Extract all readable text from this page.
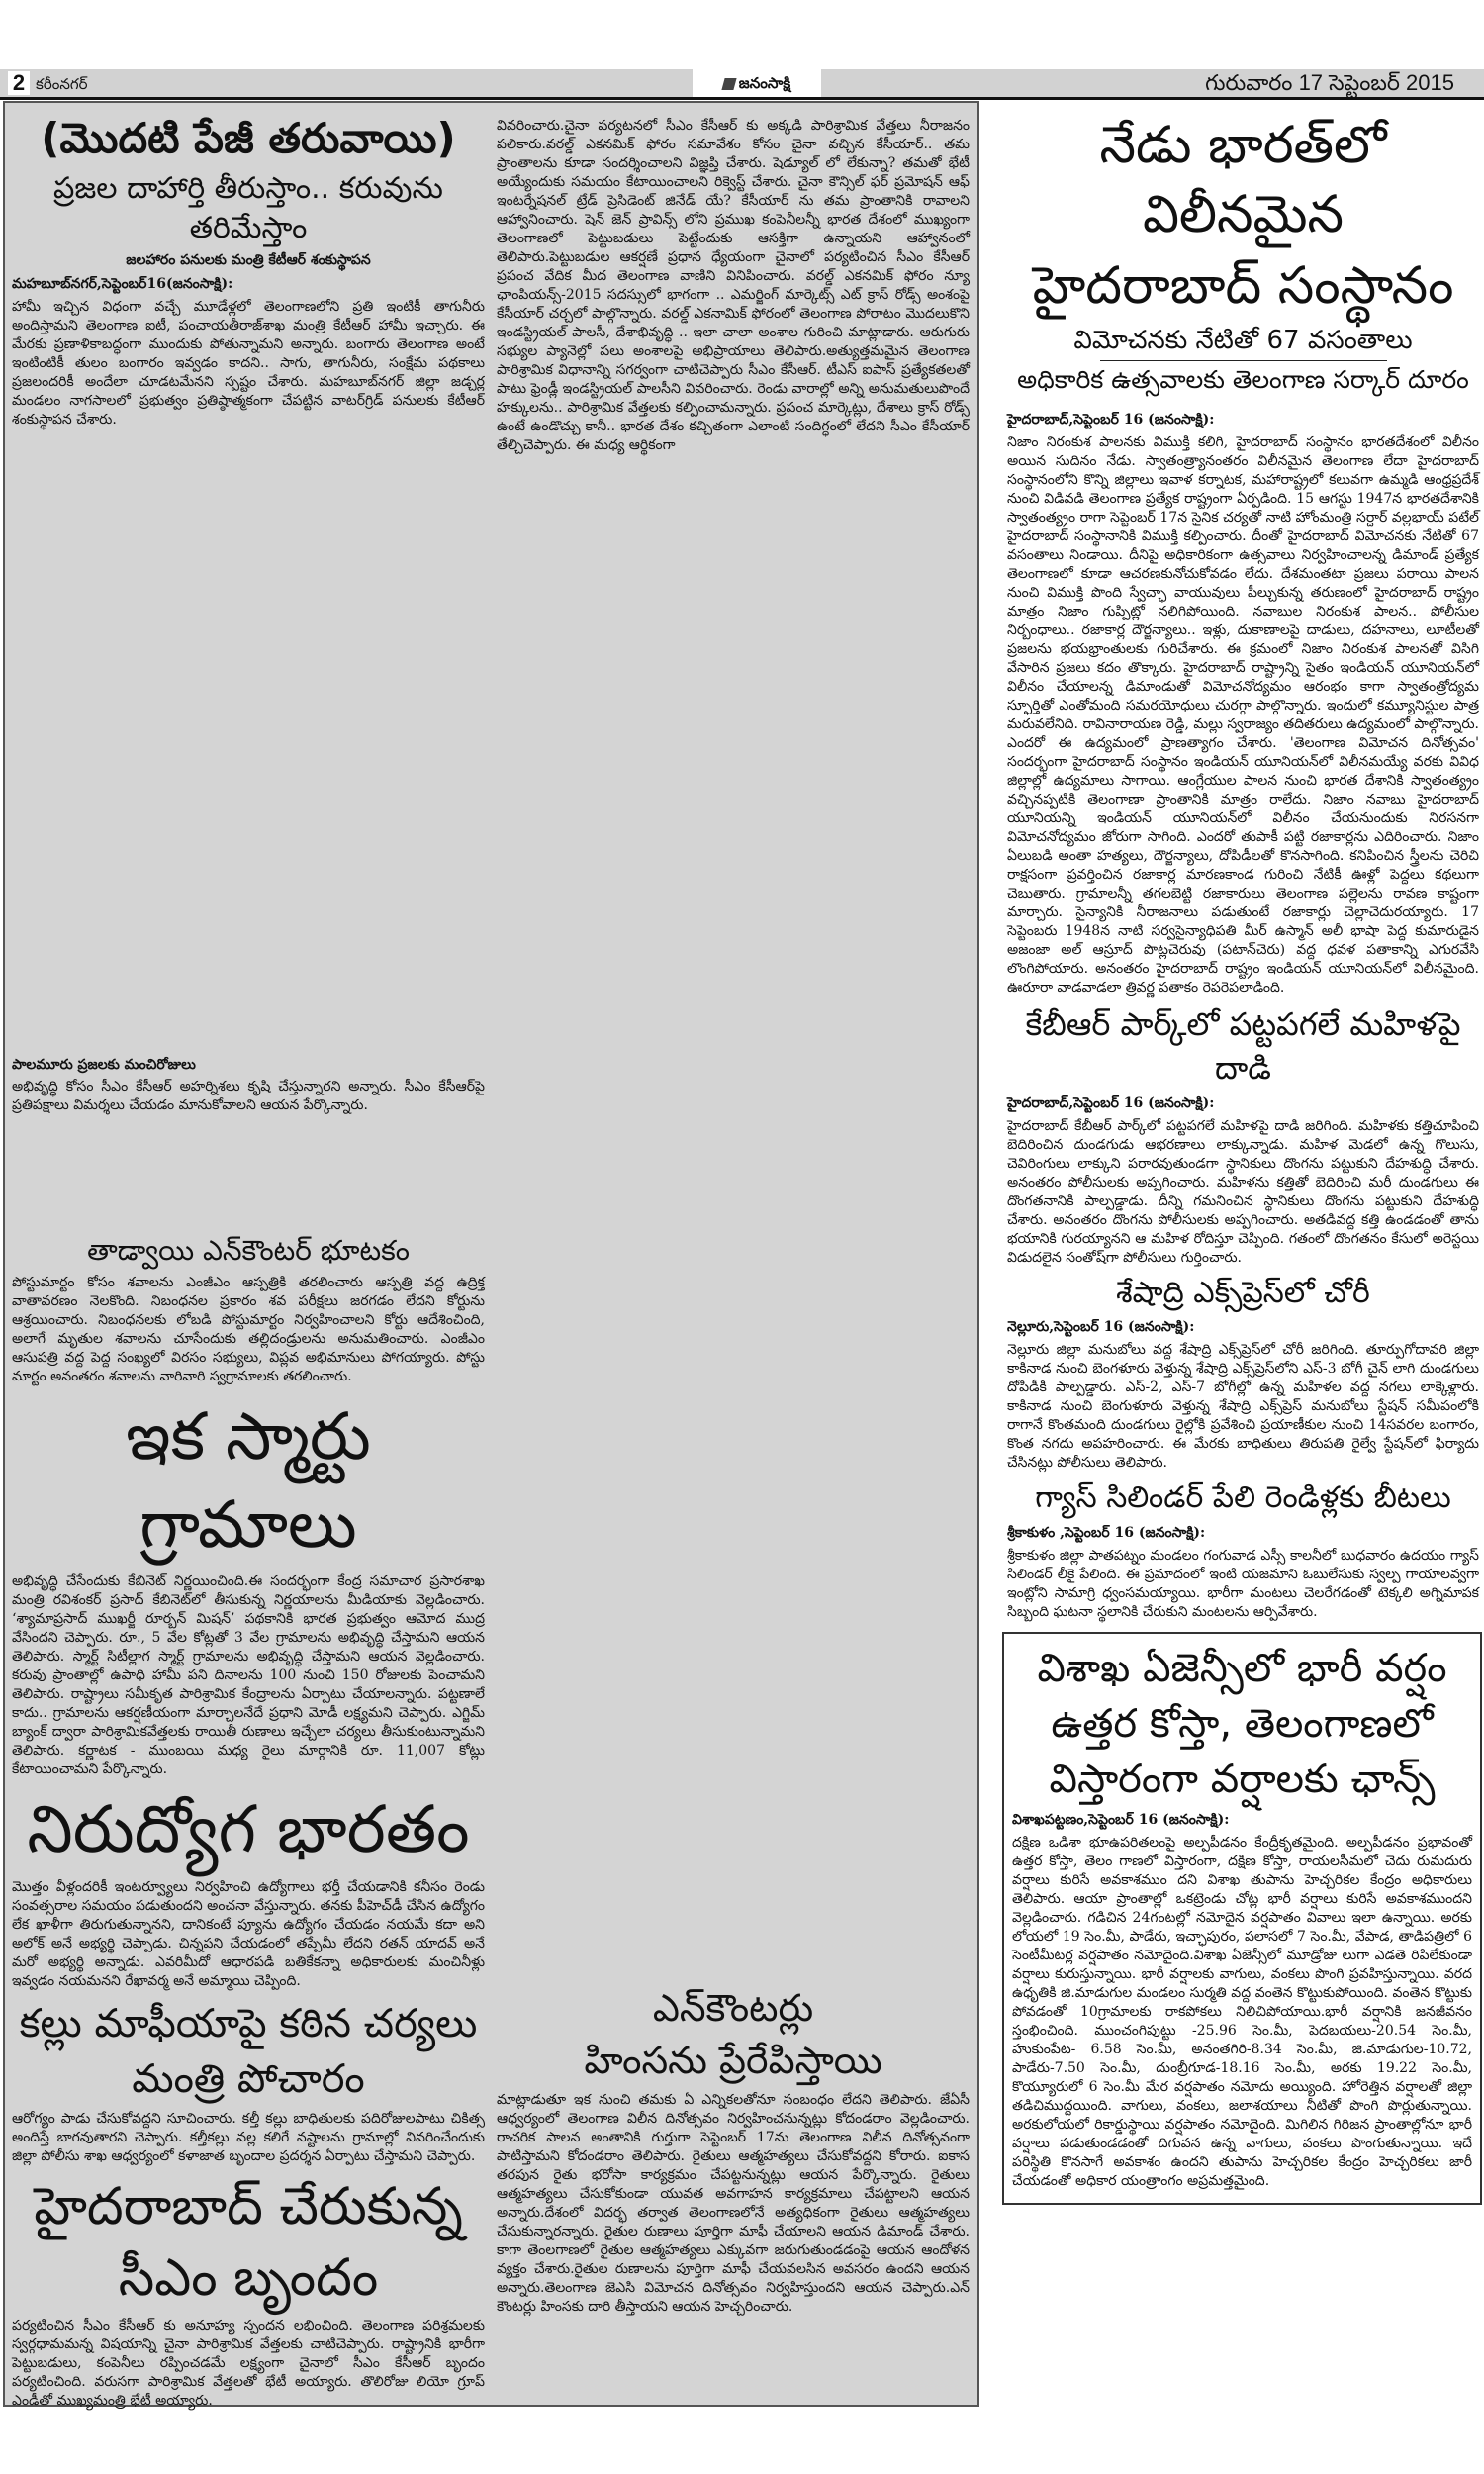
2 కరీంనగర్	జనంసాక్షి	గురువారం 17 సెప్టెంబర్ 2015
(మొదటి పేజీ తరువాయి)
ప్రజల దాహార్తి తీరుస్తాం.. కరువును తరిమేస్తాం
జలహారం పనులకు మంత్రి కేటీఆర్ శంకుస్థాపన
మహబూబ్‌నగర్,సెప్టెంబర్16(జనంసాక్షి):

హామీ ఇచ్చిన విధంగా వచ్చే మూడేళ్లలో తెలంగాణలోని ప్రతి ఇంటికీ తాగునీరు అందిస్తామని తెలంగాణ ఐటీ, పంచాయతీరాజ్‌శాఖ మంత్రి కేటీఆర్ హామీ ఇచ్చారు. ఈ మేరకు ప్రణాళికాబద్ధంగా ముందుకు పోతున్నామని అన్నారు. బంగారు తెలంగాణ అంటే ఇంటింటికీ తులం బంగారం ఇవ్వడం కాదని.. సాగు, తాగునీరు, సంక్షేమ పథకాలు ప్రజలందరికీ అందేలా చూడటమేనని స్పష్టం చేశారు. మహబూబ్‌నగర్ జిల్లా జడ్చర్ల మండలం నాగసాలలో ప్రభుత్వం ప్రతిష్ఠాత్మకంగా చేపట్టిన వాటర్‌గ్రిడ్ పనులకు కేటీఆర్ శంకుస్థాపన చేశారు.

పాలమూరు ప్రజలకు మంచిరోజులు

అభివృద్ధి కోసం సీఎం కేసీఆర్ అహర్నిశలు కృషి చేస్తున్నారని అన్నారు. సీఎం కేసీఆర్‌పై ప్రతిపక్షాలు విమర్శలు చేయడం మానుకోవాలని ఆయన పేర్కొన్నారు.

తాడ్వాయి ఎన్‌కౌంటర్ భూటకం
పోస్టుమార్టం కోసం శవాలను ఎంజీఎం ఆస్పత్రికి తరలించారు ఆస్పత్రి వద్ద ఉద్రిక్త వాతావరణం నెలకొంది. నిబంధనల ప్రకారం శవ పరీక్షలు జరగడం లేదని కోర్టును ఆశ్రయించారు. నిబంధనలకు లోబడి పోస్టుమార్టం నిర్వహించాలని కోర్టు ఆదేశించింది, అలాగే మృతుల శవాలను చూసేందుకు తల్లిదండ్రులను అనుమతించారు. ఎంజీఎం ఆసుపత్రి వద్ద పెద్ద సంఖ్యలో విరసం సభ్యులు, విప్లవ అభిమానులు పోగయ్యారు. పోస్టు మార్టం అనంతరం శవాలను వారివారి స్వగ్రామాలకు తరలించారు.
ఇక స్మార్టు గ్రామాలు
అభివృద్ధి చేసేందుకు కేబినెట్ నిర్ణయించింది.ఈ సందర్భంగా కేంద్ర సమాచార ప్రసారశాఖ మంత్రి రవిశంకర్ ప్రసాద్ కేబినెట్‌లో తీసుకున్న నిర్ణయాలను మీడియాకు వెల్లడించారు. ‘శ్యామాప్రసాద్ ముఖర్జీ రూర్బన్ మిషన్’ పథకానికి భారత ప్రభుత్వం ఆమోద ముద్ర వేసిందని చెప్పారు. రూ., 5 వేల కోట్లతో 3 వేల గ్రామాలను అభివృద్ధి చేస్తామని ఆయన తెలిపారు. స్మార్ట్ సిటీల్లాగ స్మార్ట్ గ్రామాలను అభివృద్ధి చేస్తామని ఆయన వెల్లడించారు. కరువు ప్రాంతాల్లో ఉపాధి హామీ పని దినాలను 100 నుంచి 150 రోజులకు పెంచామని తెలిపారు. రాష్ట్రాలు సమీకృత పారిశ్రామిక కేంద్రాలను ఏర్పాటు చేయాలన్నారు. పట్టణాలే కాదు.. గ్రామాలను ఆకర్షణీయంగా మార్చాలనేదే ప్రధాని మోడీ లక్ష్యమని చెప్పారు. ఎగ్జిమ్ బ్యాంక్ ద్వారా పారిశ్రామికవేత్తలకు రాయితీ రుణాలు ఇచ్చేలా చర్యలు తీసుకుంటున్నామని తెలిపారు. కర్ణాటక - ముంబయి మధ్య రైలు మార్గానికి రూ. 11,007 కోట్లు కేటాయించామని పేర్కొన్నారు.
నిరుద్యోగ భారతం
మొత్తం వీళ్లందరికీ ఇంటర్వ్యూలు నిర్వహించి ఉద్యోగాలు భర్తీ చేయడానికి కనీసం రెండు సంవత్సరాల సమయం పడుతుందని అంచనా వేస్తున్నారు. తనకు పీహెచ్‌డీ చేసిన ఉద్యోగం లేక ఖాళీగా తిరుగుతున్నానని, దానికంటే ప్యూను ఉద్యోగం చేయడం నయమే కదా అని అలోక్ అనే అభ్యర్థి చెప్పాడు. చిన్నపని చేయడంలో తప్పేమీ లేదని రతన్ యాదవ్ అనే మరో అభ్యర్థి అన్నాడు. ఎవరిమీదో ఆధారపడి బతికేకన్నా అధికారులకు మంచినీళ్లు ఇవ్వడం నయమనని రేఖావర్మ అనే అమ్మాయి చెప్పింది.
కల్లు మాఫీయాపై కఠిన చర్యలు
మంత్రి పోచారం
ఆరోగ్యం పాడు చేసుకోవద్దని సూచించారు. కల్తీ కల్లు బాధితులకు పదిరోజులపాటు చికిత్స అందిస్తే బాగవుతారని చెప్పారు. కల్తీకల్లు వల్ల కలిగే నష్టాలను గ్రామాల్లో వివరించేందుకు జిల్లా పోలీసు శాఖ ఆధ్వర్యంలో కళాజాత బృందాల ప్రదర్శన ఏర్పాటు చేస్తామని చెప్పారు.
హైదరాబాద్ చేరుకున్న
సీఎం బృందం
పర్యటించిన సీఎం కేసీఆర్ కు అనూహ్య స్పందన లభించింది. తెలంగాణ పరిశ్రమలకు స్వర్గధామమన్న విషయాన్ని చైనా పారిశ్రామిక వేత్తలకు చాటిచెప్పారు. రాష్ట్రానికి భారీగా పెట్టుబడులు, కంపెనీలు రప్పించడమే లక్ష్యంగా చైనాలో సీఎం కేసీఆర్ బృందం పర్యటించింది. వరుసగా పారిశ్రామిక వేత్తలతో భేటీ అయ్యారు. తొలిరోజు లియో గ్రూప్ ఎండీతో ముఖ్యమంత్రి భేటీ అయ్యారు.
వివరించారు.చైనా పర్యటనలో సీఎం కేసీఆర్ కు అక్కడి పారిశ్రామిక వేత్తలు నీరాజనం పలికారు.వరల్డ్ ఎకనమిక్ ఫోరం సమావేశం కోసం చైనా వచ్చిన కేసీయార్.. తమ ప్రాంతాలను కూడా సందర్శించాలని విజ్ఞప్తి చేశారు. షెడ్యూల్ లో లేకున్నా? తమతో భేటీ అయ్యేందుకు సమయం కేటాయించాలని రిక్వెస్ట్ చేశారు. చైనా కౌన్సిల్ ఫర్ ప్రమోషన్ ఆఫ్ ఇంటర్నేషనల్ ట్రేడ్ ప్రెసిడెంట్ జినేడ్ యే? కేసీయార్ ను తమ ప్రాంతానికి రావాలని ఆహ్వానించారు. షెన్ జెన్ ప్రావిన్స్ లోని ప్రముఖ కంపెనీలన్నీ భారత దేశంలో ముఖ్యంగా తెలంగాణలో పెట్టుబడులు పెట్టేందుకు ఆసక్తిగా ఉన్నాయని ఆహ్వానంలో తెలిపారు.పెట్టుబడుల ఆకర్షణే ప్రధాన ధ్యేయంగా చైనాలో పర్యటించిన సీఎం కేసీఆర్ ప్రపంచ వేదిక మీద తెలంగాణ వాణిని వినిపించారు. వరల్డ్ ఎకనమిక్ ఫోరం న్యూ ఛాంపియన్స్-2015 సదస్సులో భాగంగా .. ఎమర్జింగ్ మార్కెట్స్ ఎట్ క్రాస్ రోడ్స్ అంశంపై కేసీయార్ చర్చలో పాల్గొన్నారు. వరల్డ్ ఎకనామిక్ ఫోరంలో తెలంగాణ పోరాటం మొదలుకొని ఇండస్ట్రియల్ పాలసీ, దేశాభివృద్ధి .. ఇలా చాలా అంశాల గురించి మాట్లాడారు. ఆరుగురు సభ్యుల ప్యానెల్లో పలు అంశాలపై అభిప్రాయాలు తెలిపారు.అత్యుత్తమమైన తెలంగాణ పారిశ్రామిక విధానాన్ని సగర్వంగా చాటిచెప్పారు సీఎం కేసీఆర్. టీఎస్ ఐపాస్ ప్రత్యేకతలతో పాటు ఫ్రెండ్లీ ఇండస్ట్రియల్ పాలసీని వివరించారు. రెండు వారాల్లో అన్ని అనుమతులుపొందే హక్కులను.. పారిశ్రామిక వేత్తలకు కల్పించామన్నారు. ప్రపంచ మార్కెట్లు, దేశాలు క్రాస్ రోడ్స్ ఉంటే ఉండొచ్చు కానీ.. భారత దేశం కచ్చితంగా ఎలాంటి సందిగ్ధంలో లేదని సీఎం కేసీయార్ తేల్చిచెప్పారు. ఈ మధ్య ఆర్థికంగా
ఎన్‌కౌంటర్లు
హింసను ప్రేరేపిస్తాయి
మాట్లాడుతూ ఇక నుంచి తమకు ఏ ఎన్నికలతోనూ సంబంధం లేదని తెలిపారు. జేఏసీ ఆధ్వర్యంలో తెలంగాణ విలీన దినోత్సవం నిర్వహించనున్నట్లు కోదండరాం వెల్లడించారు. రాచరిక పాలన అంతానికి గుర్తుగా సెప్టెంబర్ 17ను తెలంగాణ విలీన దినోత్సవంగా పాటిస్తామని కోదండరాం తెలిపారు. రైతులు ఆత్మహత్యలు చేసుకోవద్దని కోరారు. ఐకాస తరపున రైతు భరోసా కార్యక్రమం చేపట్టనున్నట్లు ఆయన పేర్కొన్నారు. రైతులు ఆత్మహత్యలు చేసుకోకుండా యువత అవగాహన కార్యక్రమాలు చేపట్టాలని ఆయన అన్నారు.దేశంలో విదర్భ తర్వాత తెలంగాణలోనే అత్యధికంగా రైతులు ఆత్మహత్యలు చేసుకున్నారన్నారు. రైతుల రుణాలు పూర్తిగా మాఫీ చేయాలని ఆయన డిమాండ్ చేశారు. కాగా తెంలగాణలో రైతుల ఆత్మహత్యలు ఎక్కువగా జరుగుతుండడంపై ఆయన ఆందోళన వ్యక్తం చేశారు.రైతుల రుణాలను పూర్తిగా మాఫీ చేయవలసిన అవసరం ఉందని ఆయన అన్నారు.తెలంగాణ జెఎసి విమోచన దినోత్సవం నిర్వహిస్తుందని ఆయన చెప్పారు.ఎన్ కౌంటర్లు హింసకు దారి తీస్తాయని ఆయన హెచ్చరించారు.
నేడు భారత్‌లో విలీనమైన
హైదరాబాద్ సంస్థానం
విమోచనకు నేటితో 67 వసంతాలు
అధికారిక ఉత్సవాలకు తెలంగాణ సర్కార్ దూరం
హైదరాబాద్,సెప్టెంబర్ 16 (జనంసాక్షి):
నిజాం నిరంకుశ పాలనకు విముక్తి కలిగి, హైదరాబాద్ సంస్థానం భారతదేశంలో విలీనం అయిన సుదినం నేడు. స్వాతంత్ర్యానంతరం విలీనమైన తెలంగాణ లేదా హైదరాబాద్ సంస్థానంలోని కొన్ని జిల్లాలు ఇవాళ కర్నాటక, మహారాష్ట్రలో కలువగా ఉమ్మడి ఆంధ్రప్రదేశ్ నుంచి విడివడి తెలంగాణ ప్రత్యేక రాష్ట్రంగా ఏర్పడింది. 15 ఆగస్టు 1947న భారతదేశానికి స్వాతంత్య్రం రాగా సెప్టెంబర్ 17న సైనిక చర్యతో నాటి హోంమంత్రి సర్దార్ వల్లభాయ్ పటేల్ హైదరాబాద్ సంస్థానానికి విముక్తి కల్పించారు. దీంతో హైదరాబాద్ విమోచనకు నేటితో 67 వసంతాలు నిండాయి. దీనిపై అధికారికంగా ఉత్సవాలు నిర్వహించాలన్న డిమాండ్ ప్రత్యేక తెలంగాణలో కూడా ఆచరణకునోచుకోవడం లేదు. దేశమంతటా ప్రజలు పరాయి పాలన నుంచి విముక్తి పొంది స్వేచ్ఛా వాయువులు పీల్చుకున్న తరుణంలో హైదరాబాద్ రాష్ట్రం మాత్రం నిజాం గుప్పిట్లో నలిగిపోయింది. నవాబుల నిరంకుశ పాలన.. పోలీసుల నిర్బంధాలు.. రజాకార్ల దౌర్జన్యాలు.. ఇళ్లు, దుకాణాలపై దాడులు, దహనాలు, లూటీలతో ప్రజలను భయభ్రాంతులకు గురిచేశారు. ఈ క్రమంలో నిజాం నిరంకుశ పాలనతో విసిగి వేసారిన ప్రజలు కదం తొక్కారు. హైదరాబాద్ రాష్ట్రాన్ని సైతం ఇండియన్ యూనియన్‌లో విలీనం చేయాలన్న డిమాండుతో విమోచనోద్యమం ఆరంభం కాగా స్వాతంత్రోద్యమ స్ఫూర్తితో ఎంతోమంది సమరయోధులు చురగ్గా పాల్గొన్నారు. ఇందులో కమ్యూనిస్టుల పాత్ర మరువలేనిది. రావినారాయణ రెడ్డి, మల్లు స్వరాజ్యం తదితరులు ఉద్యమంలో పాల్గొన్నారు. ఎందరో ఈ ఉద్యమంలో ప్రాణత్యాగం చేశారు. 'తెలంగాణ విమోచన దినోత్సవం' సందర్భంగా హైదరాబాద్ సంస్థానం ఇండియన్ యూనియన్‌లో విలీనమయ్యే వరకు వివిధ జిల్లాల్లో ఉద్యమాలు సాగాయి. ఆంగ్లేయుల పాలన నుంచి భారత దేశానికి స్వాతంత్య్రం వచ్చినప్పటికి తెలంగాణా ప్రాంతానికి మాత్రం రాలేదు. నిజాం నవాబు హైదరాబాద్ యూనియన్ని ఇండియన్ యూనియన్‌లో విలీనం చేయనుందుకు నిరసనగా విమోచనోద్యమం జోరుగా సాగింది. ఎందరో తుపాకీ పట్టి రజాకార్లను ఎదిరించారు. నిజాం ఏలుబడి అంతా హత్యలు, దౌర్జన్యాలు, దోపిడీలతో కొనసాగింది. కనిపించిన స్త్రీలను చెరిచి రాక్షసంగా ప్రవర్తించిన రజాకార్ల మారణకాండ గురించి నేటికీ ఊళ్లో పెద్దలు కథలుగా చెబుతారు. గ్రామాలన్నీ తగలబెట్టి రజాకారులు తెలంగాణ పల్లెలను రావణ కాష్టంగా మార్చారు. సైన్యానికి నీరాజనాలు పడుతుంటే రజాకార్లు చెల్లాచెదురయ్యారు. 17 సెప్టెంబరు 1948న నాటి సర్వసైన్యాధిపతి మీర్ ఉస్మాన్ అలీ భాషా పెద్ద కుమారుడైన అజంజా అల్ ఆస్రూద్ పొట్లచెరువు (పటాన్‌చెరు) వద్ద ధవళ పతాకాన్ని ఎగురవేసి లొంగిపోయారు. అనంతరం హైదరాబాద్ రాష్ట్రం ఇండియన్ యూనియన్‌లో విలీనమైంది. ఊరూరా వాడవాడలా త్రివర్ణ పతాకం రెపరెపలాడింది.
కేబీఆర్ పార్క్‌లో పట్టపగలే మహిళపై దాడి
హైదరాబాద్,సెప్టెంబర్ 16 (జనంసాక్షి):
హైదరాబాద్ కేబీఆర్ పార్క్‌లో పట్టపగలే మహిళపై దాడి జరిగింది. మహిళకు కత్తిచూపించి బెదిరించిన దుండగుడు ఆభరణాలు లాక్కున్నాడు. మహిళ మెడలో ఉన్న గొలుసు, చెవిరింగులు లాక్కుని పరారవుతుండగా స్థానికులు దొంగను పట్టుకుని దేహశుద్ధి చేశారు. అనంతరం పోలీసులకు అప్పగించారు. మహిళను కత్తితో బెదిరించి మరీ దుండగులు ఈ దొంగతనానికి పాల్పడ్డాడు. దీన్ని గమనించిన స్థానికులు దొంగను పట్టుకుని దేహశుద్ధి చేశారు. అనంతరం దొంగను పోలీసులకు అప్పగించారు. అతడివద్ద కత్తి ఉండడంతో తాను భయానికి గురయ్యానని ఆ మహిళ రోదిస్తూ చెప్పింది. గతంలో దొంగతనం కేసులో అరెస్టయి విడుదలైన సంతోష్‌గా పోలీసులు గుర్తించారు.
శేషాద్రి ఎక్స్‌ప్రెస్‌లో చోరీ
నెల్లూరు,సెప్టెంబర్ 16 (జనంసాక్షి):
నెల్లూరు జిల్లా మనుబోలు వద్ద శేషాద్రి ఎక్స్‌ప్రెస్‌లో చోరీ జరిగింది. తూర్పుగోదావరి జిల్లా కాకినాడ నుంచి బెంగళూరు వెళ్తున్న శేషాద్రి ఎక్స్‌ప్రెస్‌లోని ఎస్-3 బోగీ చైన్ లాగి దుండగులు దోపిడీకి పాల్పడ్డారు. ఎస్-2, ఎస్-7 బోగీల్లో ఉన్న మహిళల వద్ద నగలు లాక్కెళ్లారు. కాకినాడ నుంచి బెంగుళూరు వెళ్తున్న శేషాద్రి ఎక్స్‌ప్రెస్ మనుబోలు స్టేషన్ సమీపంలోకి రాగానే కొంతమంది దుండగులు రైల్లోకి ప్రవేశించి ప్రయాణీకుల నుంచి 14సవరల బంగారం, కొంత నగదు అపహరించారు. ఈ మేరకు బాధితులు తిరుపతి రైల్వే స్టేషన్‌లో ఫిర్యాదు చేసినట్లు పోలీసులు తెలిపారు.
గ్యాస్ సిలిండర్ పేలి రెండిళ్లకు బీటలు
శ్రీకాకుళం ,సెప్టెంబర్ 16 (జనంసాక్షి):
శ్రీకాకుళం జిల్లా పాతపట్నం మండలం గంగువాడ ఎస్సీ కాలనీలో బుధవారం ఉదయం గ్యాస్ సిలిండర్ లీకై పేలింది. ఈ ప్రమాదంలో ఇంటి యజమాని ఓబులేసుకు స్వల్ప గాయాలవ్వగా ఇంట్లోని సామాగ్రి ధ్వంసమయ్యాయి. భారీగా మంటలు చెలరేగడంతో టెక్కలి అగ్నిమాపక సిబ్బంది ఘటనా స్థలానికి చేరుకుని మంటలను ఆర్పివేశారు.
విశాఖ ఏజెన్సీలో భారీ వర్షం
ఉత్తర కోస్తా, తెలంగాణలో
విస్తారంగా వర్షాలకు ఛాన్స్
విశాఖపట్టణం,సెప్టెంబర్ 16 (జనంసాక్షి):
దక్షిణ ఒడిశా భూఉపరితలంపై అల్పపీడనం కేంద్రీకృతమైంది. అల్పపీడనం ప్రభావంతో ఉత్తర కోస్తా, తెలం గాణలో విస్తారంగా, దక్షిణ కోస్తా, రాయలసీమలో చెదు రుమదురు వర్షాలు కురిసే అవకాశముం దని విశాఖ తుపాను హెచ్చరికల కేంద్రం అధికారులు తెలిపారు. ఆయా ప్రాంతాల్లో ఒకట్రెండు చోట్ల భారీ వర్షాలు కురిసే అవకాశముందని వెల్లడించారు. గడిచిన 24గంటల్లో నమోదైన వర్షపాతం వివాలు ఇలా ఉన్నాయి. అరకు లోయలో 19 సెం.మీ, పాడేరు, ఇచ్ఛాపురం, పలాసలో 7 సెం.మీ, వేపాడ, తాడిపత్రిలో 6 సెంటీమీటర్ల వర్షపాతం నమోదైంది.విశాఖ ఏజెన్సీలో మూడ్రోజు లుగా ఎడతె రిపిలేకుండా వర్షాలు కురుస్తున్నాయి. భారీ వర్షాలకు వాగులు, వంకలు పొంగి ప్రవహిస్తున్నాయి. వరద ఉధృతికి జి.మాడుగుల మండలం సుర్మతి వద్ద వంతెన కొట్టుకుపోయింది. వంతెన కొట్టుకు పోవడంతో 10గ్రామాలకు రాకపోకలు నిలిచిపోయాయి.భారీ వర్షానికి జనజీవనం స్తంభించింది. ముంచంగిపుట్టు -25.96 సెం.మీ, పెదబయలు-20.54 సెం.మీ, హుకుంపేట- 6.58 సెం.మీ, అనంతగిరి-8.34 సెం.మీ, జి.మాడుగుల-10.72, పాడేరు-7.50 సెం.మీ, దుంబ్రీగూడ-18.16 సెం.మీ, అరకు 19.22 సెం.మీ, కొయ్యూరులో 6 సెం.మీ మేర వర్షపాతం నమోదు అయ్యింది. హోరెత్తిన వర్షాలతో జిల్లా తడిచిముద్దయింది. వాగులు, వంకలు, జలాశయాలు నీటితో పొంగి పొర్లుతున్నాయి. అరకులోయలో రికార్డుస్థాయి వర్షపాతం నమోదైంది. మిగిలిన గిరిజన ప్రాంతాల్లోనూ భారీ వర్షాలు పడుతుండడంతో దిగువన ఉన్న వాగులు, వంకలు పొంగుతున్నాయి. ఇదే పరిస్థితి కొనసాగే అవకాశం ఉందని తుపాను హెచ్చరికల కేంద్రం హెచ్చరికలు జారీ చేయడంతో అధికార యంత్రాంగం అప్రమత్తమైంది.
